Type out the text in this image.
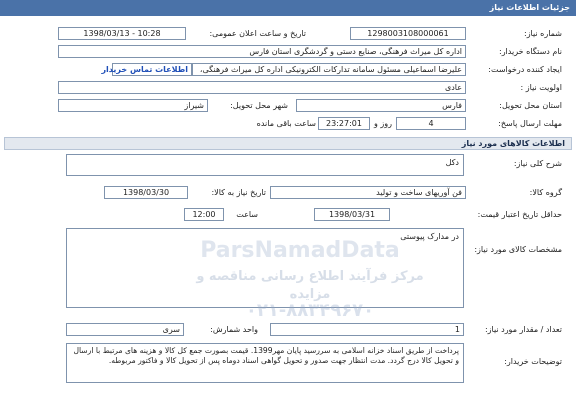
جزئیات اطلاعات نیاز
شماره نیاز:
1298003108000061
تاریخ و ساعت اعلان عمومی:
1398/03/13 - 10:28
نام دستگاه خریدار:
اداره کل میراث فرهنگی، صنایع دستی و گردشگری استان فارس
ایجاد کننده درخواست:
علیرضا اسماعیلی مسئول سامانه تدارکات الکترونیکی اداره کل میراث فرهنگی،
اطلاعات تماس خریدار
اولویت نیاز :
عادی
استان محل تحویل:
فارس
شهر محل تحویل:
شیراز
مهلت ارسال پاسخ:
4
روز و
23:27:01
ساعت باقی مانده
اطلاعات کالاهای مورد نیاز
شرح کلی نیاز:
دکل
گروه کالا:
فن آوریهای ساخت و تولید
تاریخ نیاز به کالا:
1398/03/30
حداقل تاریخ اعتبار قیمت:
1398/03/31
ساعت
12:00
مشخصات کالای مورد نیاز:
در مدارک پیوستی
تعداد / مقدار مورد نیاز:
1
واحد شمارش:
سری
توضیحات خریدار:
پرداخت از طریق اسناد خزانه اسلامی به سررسید پایان مهر1399. قیمت بصورت جمع کل کالا و هزینه های مرتبط با ارسال و تحویل کالا درج گردد. مدت انتظار جهت صدور و تحویل گواهی اسناد دوماه پس از تحویل کالا و فاکتور مربوطه.
ParsNamadData
مرکز فرآیند اطلاع رسانی مناقصه و مزایده
۰۲۱-۸۸۳۴۹۶۷۰
